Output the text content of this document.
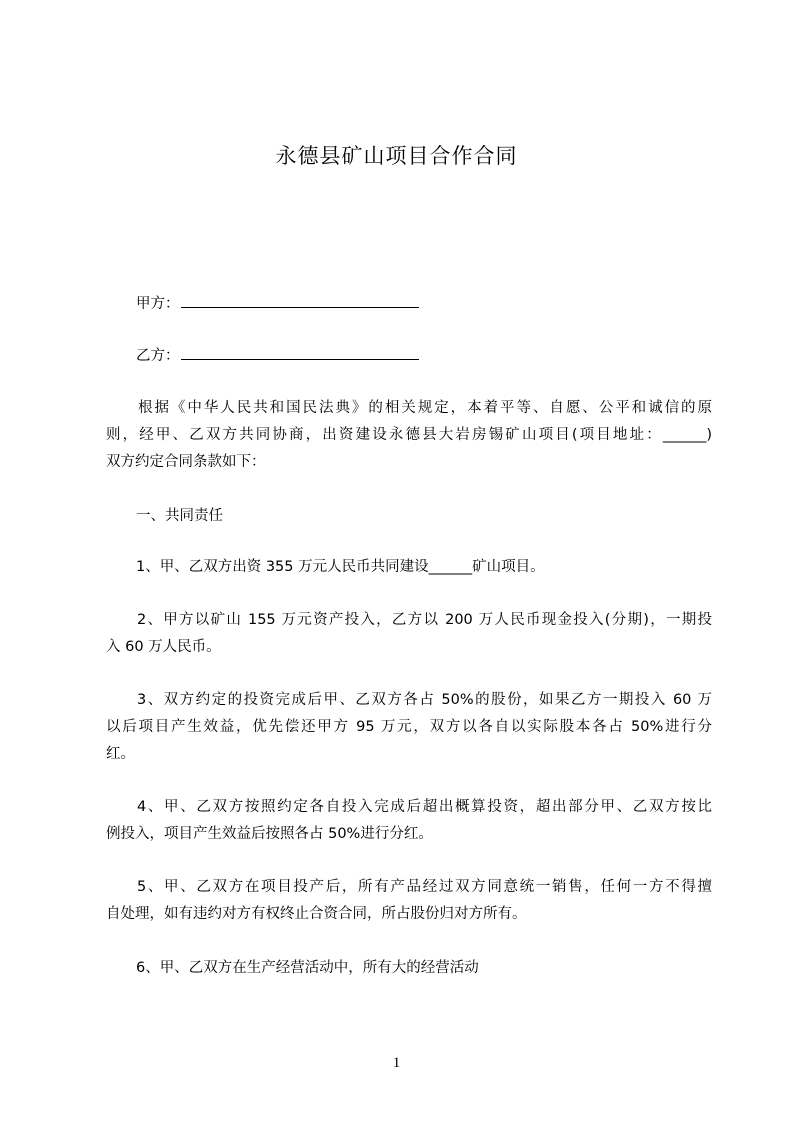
永德县矿山项目合作合同
甲方：
乙方：
根据《中华人民共和国民法典》的相关规定，本着平等、自愿、公平和诚信的原
则，经甲、乙双方共同协商，出资建设永德县大岩房锡矿山项目(项目地址：______)
双方约定合同条款如下：
一、共同责任
1、甲、乙双方出资 355 万元人民币共同建设______矿山项目。
2、甲方以矿山 155 万元资产投入，乙方以 200 万人民币现金投入(分期)，一期投
入 60 万人民币。
3、双方约定的投资完成后甲、乙双方各占 50%的股份，如果乙方一期投入 60 万
以后项目产生效益，优先偿还甲方 95 万元，双方以各自以实际股本各占 50%进行分
红。
4、甲、乙双方按照约定各自投入完成后超出概算投资，超出部分甲、乙双方按比
例投入，项目产生效益后按照各占 50%进行分红。
5、甲、乙双方在项目投产后，所有产品经过双方同意统一销售，任何一方不得擅
自处理，如有违约对方有权终止合资合同，所占股份归对方所有。
6、甲、乙双方在生产经营活动中，所有大的经营活动
1
